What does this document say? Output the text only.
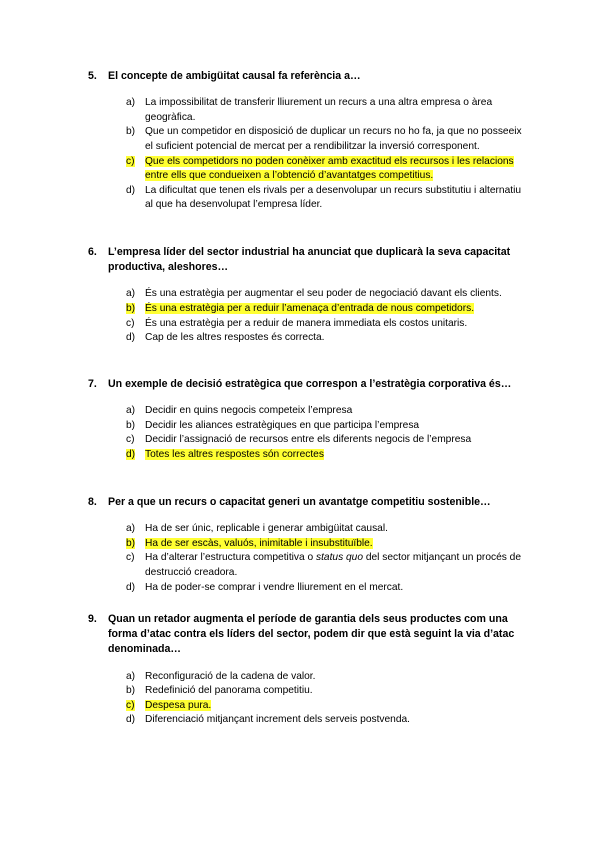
5.	El concepte de ambigüitat causal fa referència a…
a) La impossibilitat de transferir lliurement un recurs a una altra empresa o àrea geogràfica.
b) Que un competidor en disposició de duplicar un recurs no ho fa, ja que no posseeix el suficient potencial de mercat per a rendibilitzar la inversió corresponent.
c)	Que els competidors no poden conèixer amb exactitud els recursos i les relacions entre ells que condueixen a l’obtenció d’avantatges competitius.
d) La dificultat que tenen els rivals per a desenvolupar un recurs substitutiu i alternatiu al que ha desenvolupat l’empresa líder.
6.	L’empresa líder del sector industrial ha anunciat que duplicarà la seva capacitat productiva, aleshores…
a) És una estratègia per augmentar el seu poder de negociació davant els clients.
b) És una estratègia per a reduir l’amenaça d’entrada de nous competidors.
c)	És una estratègia per a reduir de manera immediata els costos unitaris.
d) Cap de les altres respostes és correcta.
7.	Un exemple de decisió estratègica que correspon a l’estratègia corporativa és…
a) Decidir en quins negocis competeix l’empresa
b) Decidir les aliances estratègiques en que participa l’empresa
c)	Decidir l’assignació de recursos entre els diferents negocis de l’empresa
d) Totes les altres respostes són correctes
8.	Per a que un recurs o capacitat generi un avantatge competitiu sostenible…
a) Ha de ser únic, replicable i generar ambigüitat causal.
b) Ha de ser escàs, valuós, inimitable i insubstituïble.
c)	Ha d’alterar l’estructura competitiva o status quo del sector mitjançant un procés de destrucció creadora.
d) Ha de poder-se comprar i vendre lliurement en el mercat.
9.	Quan un retador augmenta el període de garantia dels seus productes com una forma d’atac contra els líders del sector, podem dir que està seguint la via d’atac denominada…
a) Reconfiguració de la cadena de valor.
b) Redefinició del panorama competitiu.
c)	Despesa pura.
d) Diferenciació mitjançant increment dels serveis postvenda.
